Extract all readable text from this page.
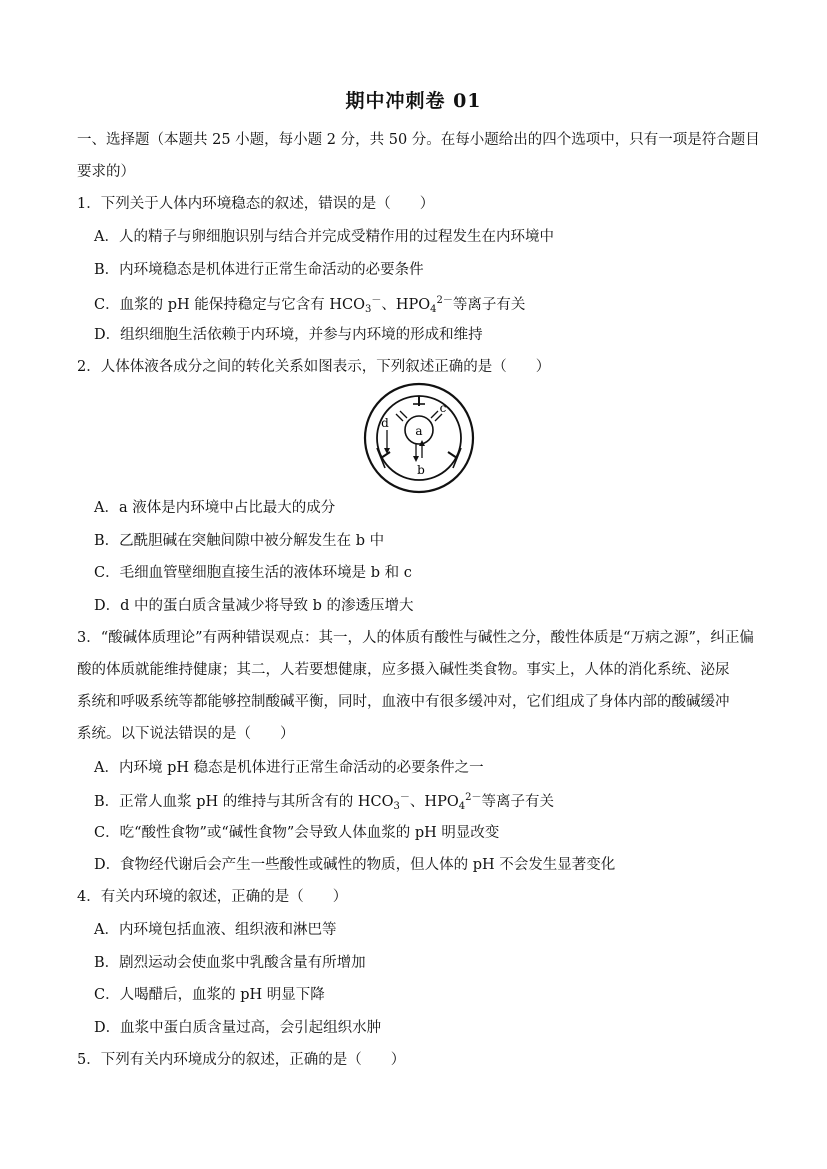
期中冲刺卷 01
一、选择题（本题共 25 小题，每小题 2 分，共 50 分。在每小题给出的四个选项中，只有一项是符合题目
要求的）
1．下列关于人体内环境稳态的叙述，错误的是（　　）
A．人的精子与卵细胞识别与结合并完成受精作用的过程发生在内环境中
B．内环境稳态是机体进行正常生命活动的必要条件
C．血浆的 pH 能保持稳定与它含有 $HCO_3^-$、$HPO_4^{2-}$等离子有关
D．组织细胞生活依赖于内环境，并参与内环境的形成和维持
2．人体体液各成分之间的转化关系如图表示，下列叙述正确的是（　　）
a
b
c
d
A．a 液体是内环境中占比最大的成分
B．乙酰胆碱在突触间隙中被分解发生在 b 中
C．毛细血管壁细胞直接生活的液体环境是 b 和 c
D．d 中的蛋白质含量减少将导致 b 的渗透压增大
3．“酸碱体质理论”有两种错误观点：其一，人的体质有酸性与碱性之分，酸性体质是“万病之源”，纠正偏
酸的体质就能维持健康；其二，人若要想健康，应多摄入碱性类食物。事实上，人体的消化系统、泌尿
系统和呼吸系统等都能够控制酸碱平衡，同时，血液中有很多缓冲对，它们组成了身体内部的酸碱缓冲
系统。以下说法错误的是（　　）
A．内环境 pH 稳态是机体进行正常生命活动的必要条件之一
B．正常人血浆 pH 的维持与其所含有的 $HCO_3^-$、$HPO_4^{2-}$等离子有关
C．吃“酸性食物”或“碱性食物”会导致人体血浆的 pH 明显改变
D．食物经代谢后会产生一些酸性或碱性的物质，但人体的 pH 不会发生显著变化
4．有关内环境的叙述，正确的是（　　）
A．内环境包括血液、组织液和淋巴等
B．剧烈运动会使血浆中乳酸含量有所增加
C．人喝醋后，血浆的 pH 明显下降
D．血浆中蛋白质含量过高，会引起组织水肿
5．下列有关内环境成分的叙述，正确的是（　　）
